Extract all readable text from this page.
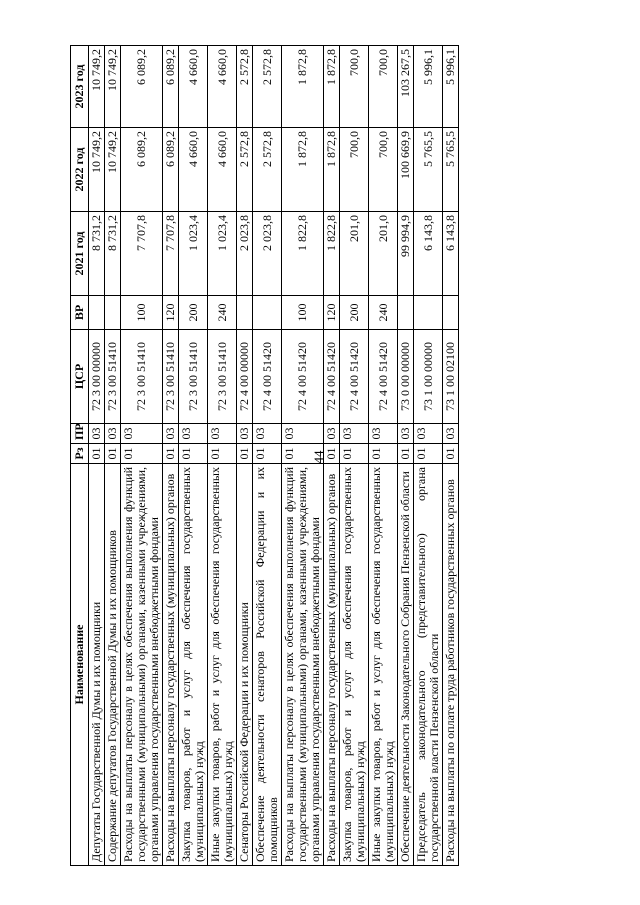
44
Наименование	Рз	ПР	ЦСР	ВР	2021 год	2022 год	2023 год
Депутаты Государственной Думы и их помощники	01	03	72 3 00 00000		8 731,2	10 749,2	10 749,2
Содержание депутатов Государственной Думы и их помощников	01	03	72 3 00 51410		8 731,2	10 749,2	10 749,2
Расходы на выплаты персоналу в целях обеспечения выполнения функций государственными (муниципальными) органами, казенными учреждениями, органами управления государственными внебюджетными фондами	01	03	72 3 00 51410	100	7 707,8	6 089,2	6 089,2
Расходы на выплаты персоналу государственных (муниципальных) органов	01	03	72 3 00 51410	120	7 707,8	6 089,2	6 089,2
Закупка товаров, работ и услуг для обеспечения государственных (муниципальных) нужд	01	03	72 3 00 51410	200	1 023,4	4 660,0	4 660,0
Иные закупки товаров, работ и услуг для обеспечения государственных (муниципальных) нужд	01	03	72 3 00 51410	240	1 023,4	4 660,0	4 660,0
Сенаторы Российской Федерации и их помощники	01	03	72 4 00 00000		2 023,8	2 572,8	2 572,8
Обеспечение деятельности сенаторов Российской Федерации и их помощников	01	03	72 4 00 51420		2 023,8	2 572,8	2 572,8
Расходы на выплаты персоналу в целях обеспечения выполнения функций государственными (муниципальными) органами, казенными учреждениями, органами управления государственными внебюджетными фондами	01	03	72 4 00 51420	100	1 822,8	1 872,8	1 872,8
Расходы на выплаты персоналу государственных (муниципальных) органов	01	03	72 4 00 51420	120	1 822,8	1 872,8	1 872,8
Закупка товаров, работ и услуг для обеспечения государственных (муниципальных) нужд	01	03	72 4 00 51420	200	201,0	700,0	700,0
Иные закупки товаров, работ и услуг для обеспечения государственных (муниципальных) нужд	01	03	72 4 00 51420	240	201,0	700,0	700,0
Обеспечение деятельности Законодательного Собрания Пензенской области	01	03	73 0 00 00000		99 994,9	100 669,9	103 267,5
Председатель законодательного (представительного) органа государственной власти Пензенской области	01	03	73 1 00 00000		6 143,8	5 765,5	5 996,1
Расходы на выплаты по оплате труда работников государственных органов	01	03	73 1 00 02100		6 143,8	5 765,5	5 996,1
